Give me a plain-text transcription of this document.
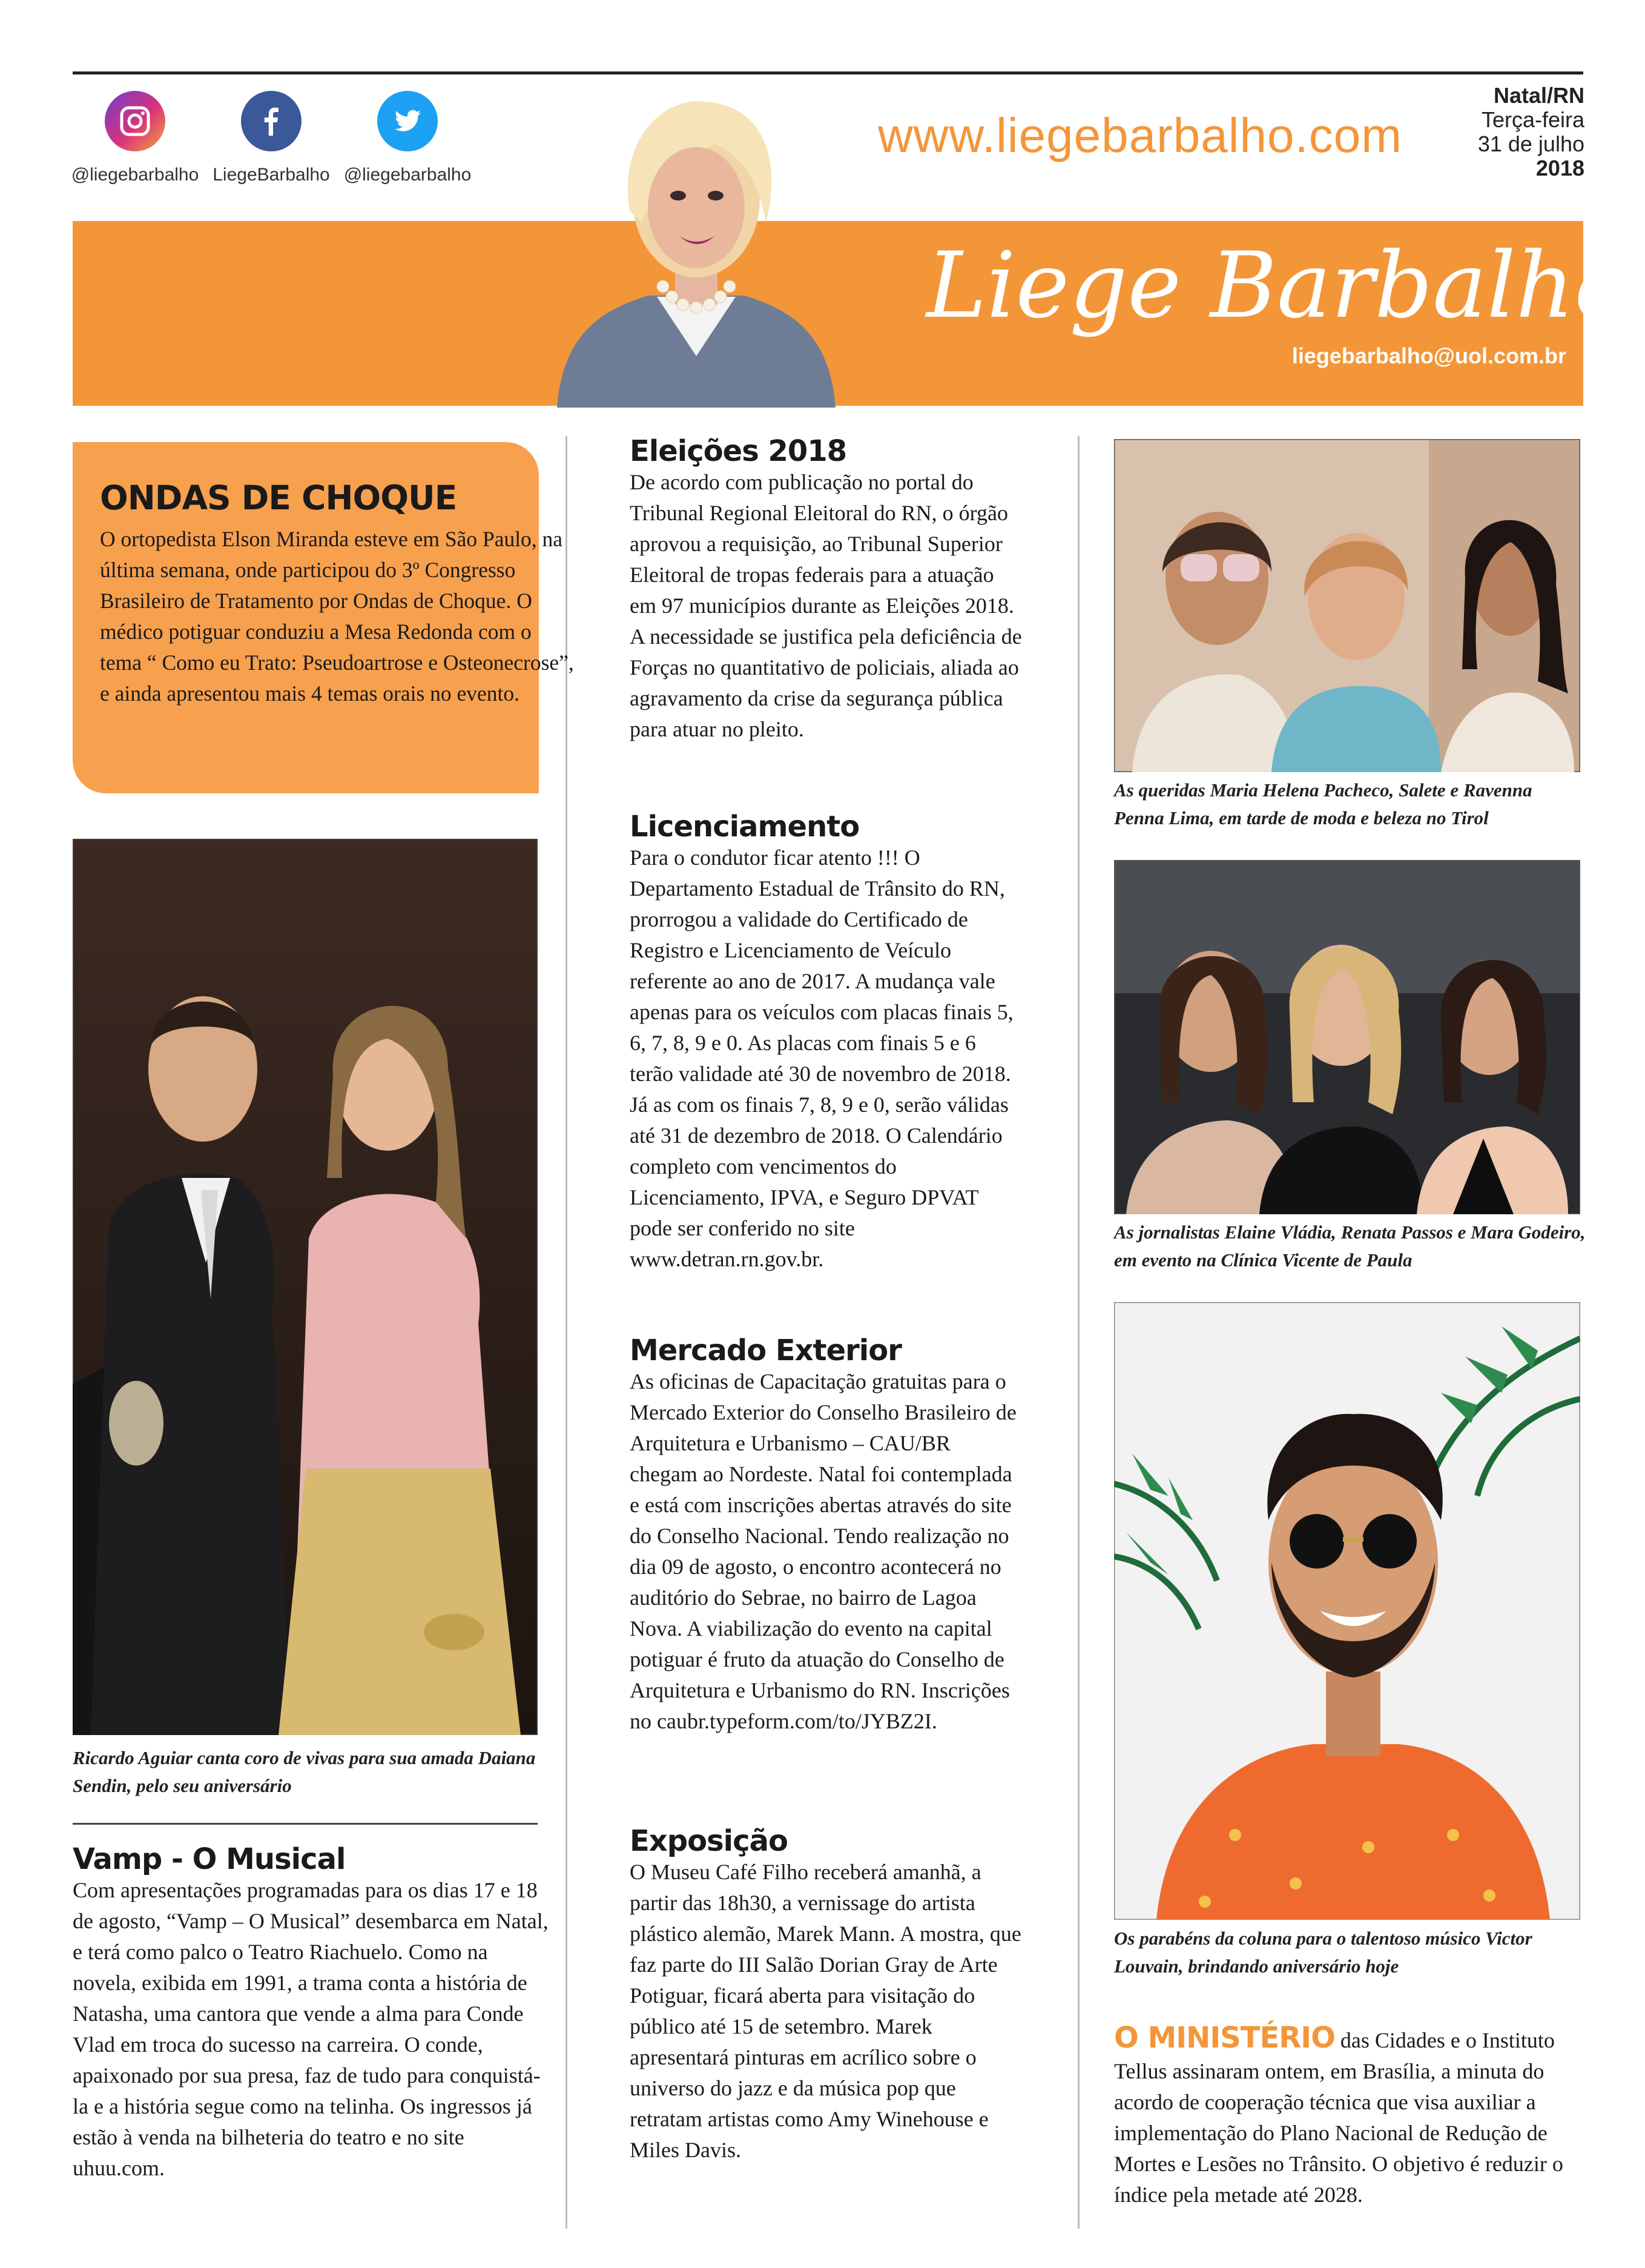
@liegebarbalho LiegeBarbalho @liegebarbalho
www.liegebarbalho.com
Natal/RN
Terça-feira
31 de julho
2018
Liege Barbalho
liegebarbalho@uol.com.br
ONDAS DE CHOQUE

O ortopedista Elson Miranda esteve em São Paulo, na última semana, onde participou do 3º Congresso Brasileiro de Tratamento por Ondas de Choque. O médico potiguar conduziu a Mesa Redonda com o tema “ Como eu Trato: Pseudoartrose e Osteonecrose”, e ainda apresentou mais 4 temas orais no evento.

Ricardo Aguiar canta coro de vivas para sua amada Daiana Sendin, pelo seu aniversário
Vamp - O Musical

Com apresentações programadas para os dias 17 e 18 de agosto, “Vamp – O Musical” desembarca em Natal, e terá como palco o Teatro Riachuelo. Como na novela, exibida em 1991, a trama conta a história de Natasha, uma cantora que vende a alma para Conde Vlad em troca do sucesso na carreira. O conde, apaixonado por sua presa, faz de tudo para conquistá-la e a história segue como na telinha. Os ingressos já estão à venda na bilheteria do teatro e no site uhuu.com.

Eleições 2018

De acordo com publicação no portal do Tribunal Regional Eleitoral do RN, o órgão aprovou a requisição, ao Tribunal Superior Eleitoral de tropas federais para a atuação em 97 municípios durante as Eleições 2018. A necessidade se justifica pela deficiência de Forças no quantitativo de policiais, aliada ao agravamento da crise da segurança pública para atuar no pleito.

Licenciamento

Para o condutor ficar atento !!! O Departamento Estadual de Trânsito do RN, prorrogou a validade do Certificado de Registro e Licenciamento de Veículo referente ao ano de 2017. A mudança vale apenas para os veículos com placas finais 5, 6, 7, 8, 9 e 0. As placas com finais 5 e 6 terão validade até 30 de novembro de 2018. Já as com os finais 7, 8, 9 e 0, serão válidas até 31 de dezembro de 2018. O Calendário completo com vencimentos do Licenciamento, IPVA, e Seguro DPVAT pode ser conferido no site www.detran.rn.gov.br.

Mercado Exterior

As oficinas de Capacitação gratuitas para o Mercado Exterior do Conselho Brasileiro de Arquitetura e Urbanismo – CAU/BR chegam ao Nordeste. Natal foi contemplada e está com inscrições abertas através do site do Conselho Nacional. Tendo realização no dia 09 de agosto, o encontro acontecerá no auditório do Sebrae, no bairro de Lagoa Nova. A viabilização do evento na capital potiguar é fruto da atuação do Conselho de Arquitetura e Urbanismo do RN. Inscrições no caubr.typeform.com/to/JYBZ2I.

Exposição

O Museu Café Filho receberá amanhã, a partir das 18h30, a vernissage do artista plástico alemão, Marek Mann. A mostra, que faz parte do III Salão Dorian Gray de Arte Potiguar, ficará aberta para visitação do público até 15 de setembro. Marek apresentará pinturas em acrílico sobre o universo do jazz e da música pop que retratam artistas como Amy Winehouse e Miles Davis.

As queridas Maria Helena Pacheco, Salete e Ravenna Penna Lima, em tarde de moda e beleza no Tirol
As jornalistas Elaine Vládia, Renata Passos e Mara Godeiro, em evento na Clínica Vicente de Paula
Os parabéns da coluna para o talentoso músico Victor Louvain, brindando aniversário hoje

O MINISTÉRIO das Cidades e o Instituto Tellus assinaram ontem, em Brasília, a minuta do acordo de cooperação técnica que visa auxiliar a implementação do Plano Nacional de Redução de Mortes e Lesões no Trânsito. O objetivo é reduzir o índice pela metade até 2028.
